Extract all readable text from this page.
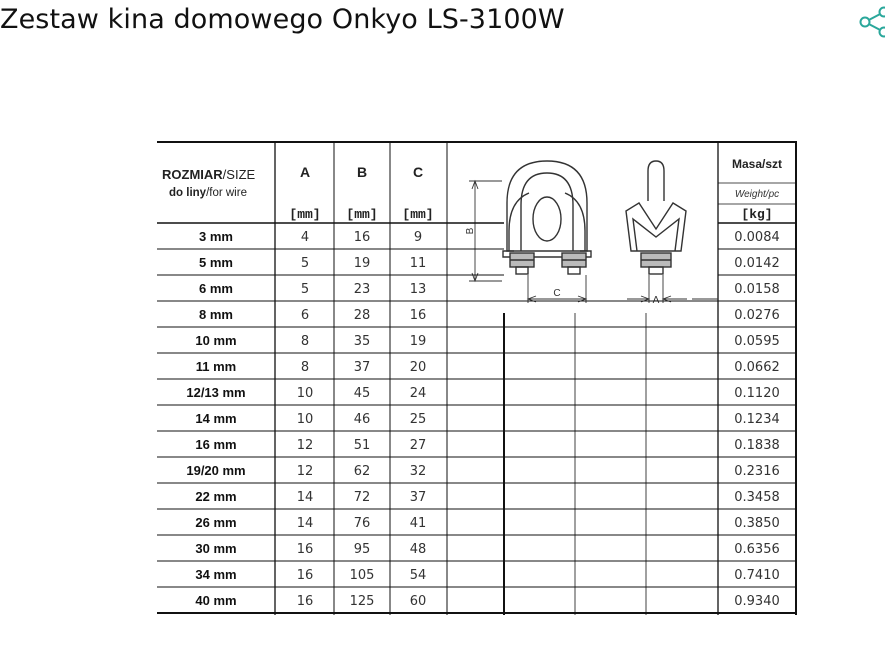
Zestaw kina domowego Onkyo LS-3100W
ROZMIAR/SIZE
do liny/for wire
A	B	C
[mm] [mm] [mm]
Masa/szt
Weight/pc
[kg]
B
C
A
3 mm	4	16	9	0.0084
5 mm	5	19	11	0.0142
6 mm	5	23	13	0.0158
8 mm	6	28	16	0.0276
10 mm	8	35	19	0.0595
11 mm	8	37	20	0.0662
12/13 mm	10	45	24	0.1120
14 mm	10	46	25	0.1234
16 mm	12	51	27	0.1838
19/20 mm	12	62	32	0.2316
22 mm	14	72	37	0.3458
26 mm	14	76	41	0.3850
30 mm	16	95	48	0.6356
34 mm	16	105	54	0.7410
40 mm	16	125	60	0.9340
